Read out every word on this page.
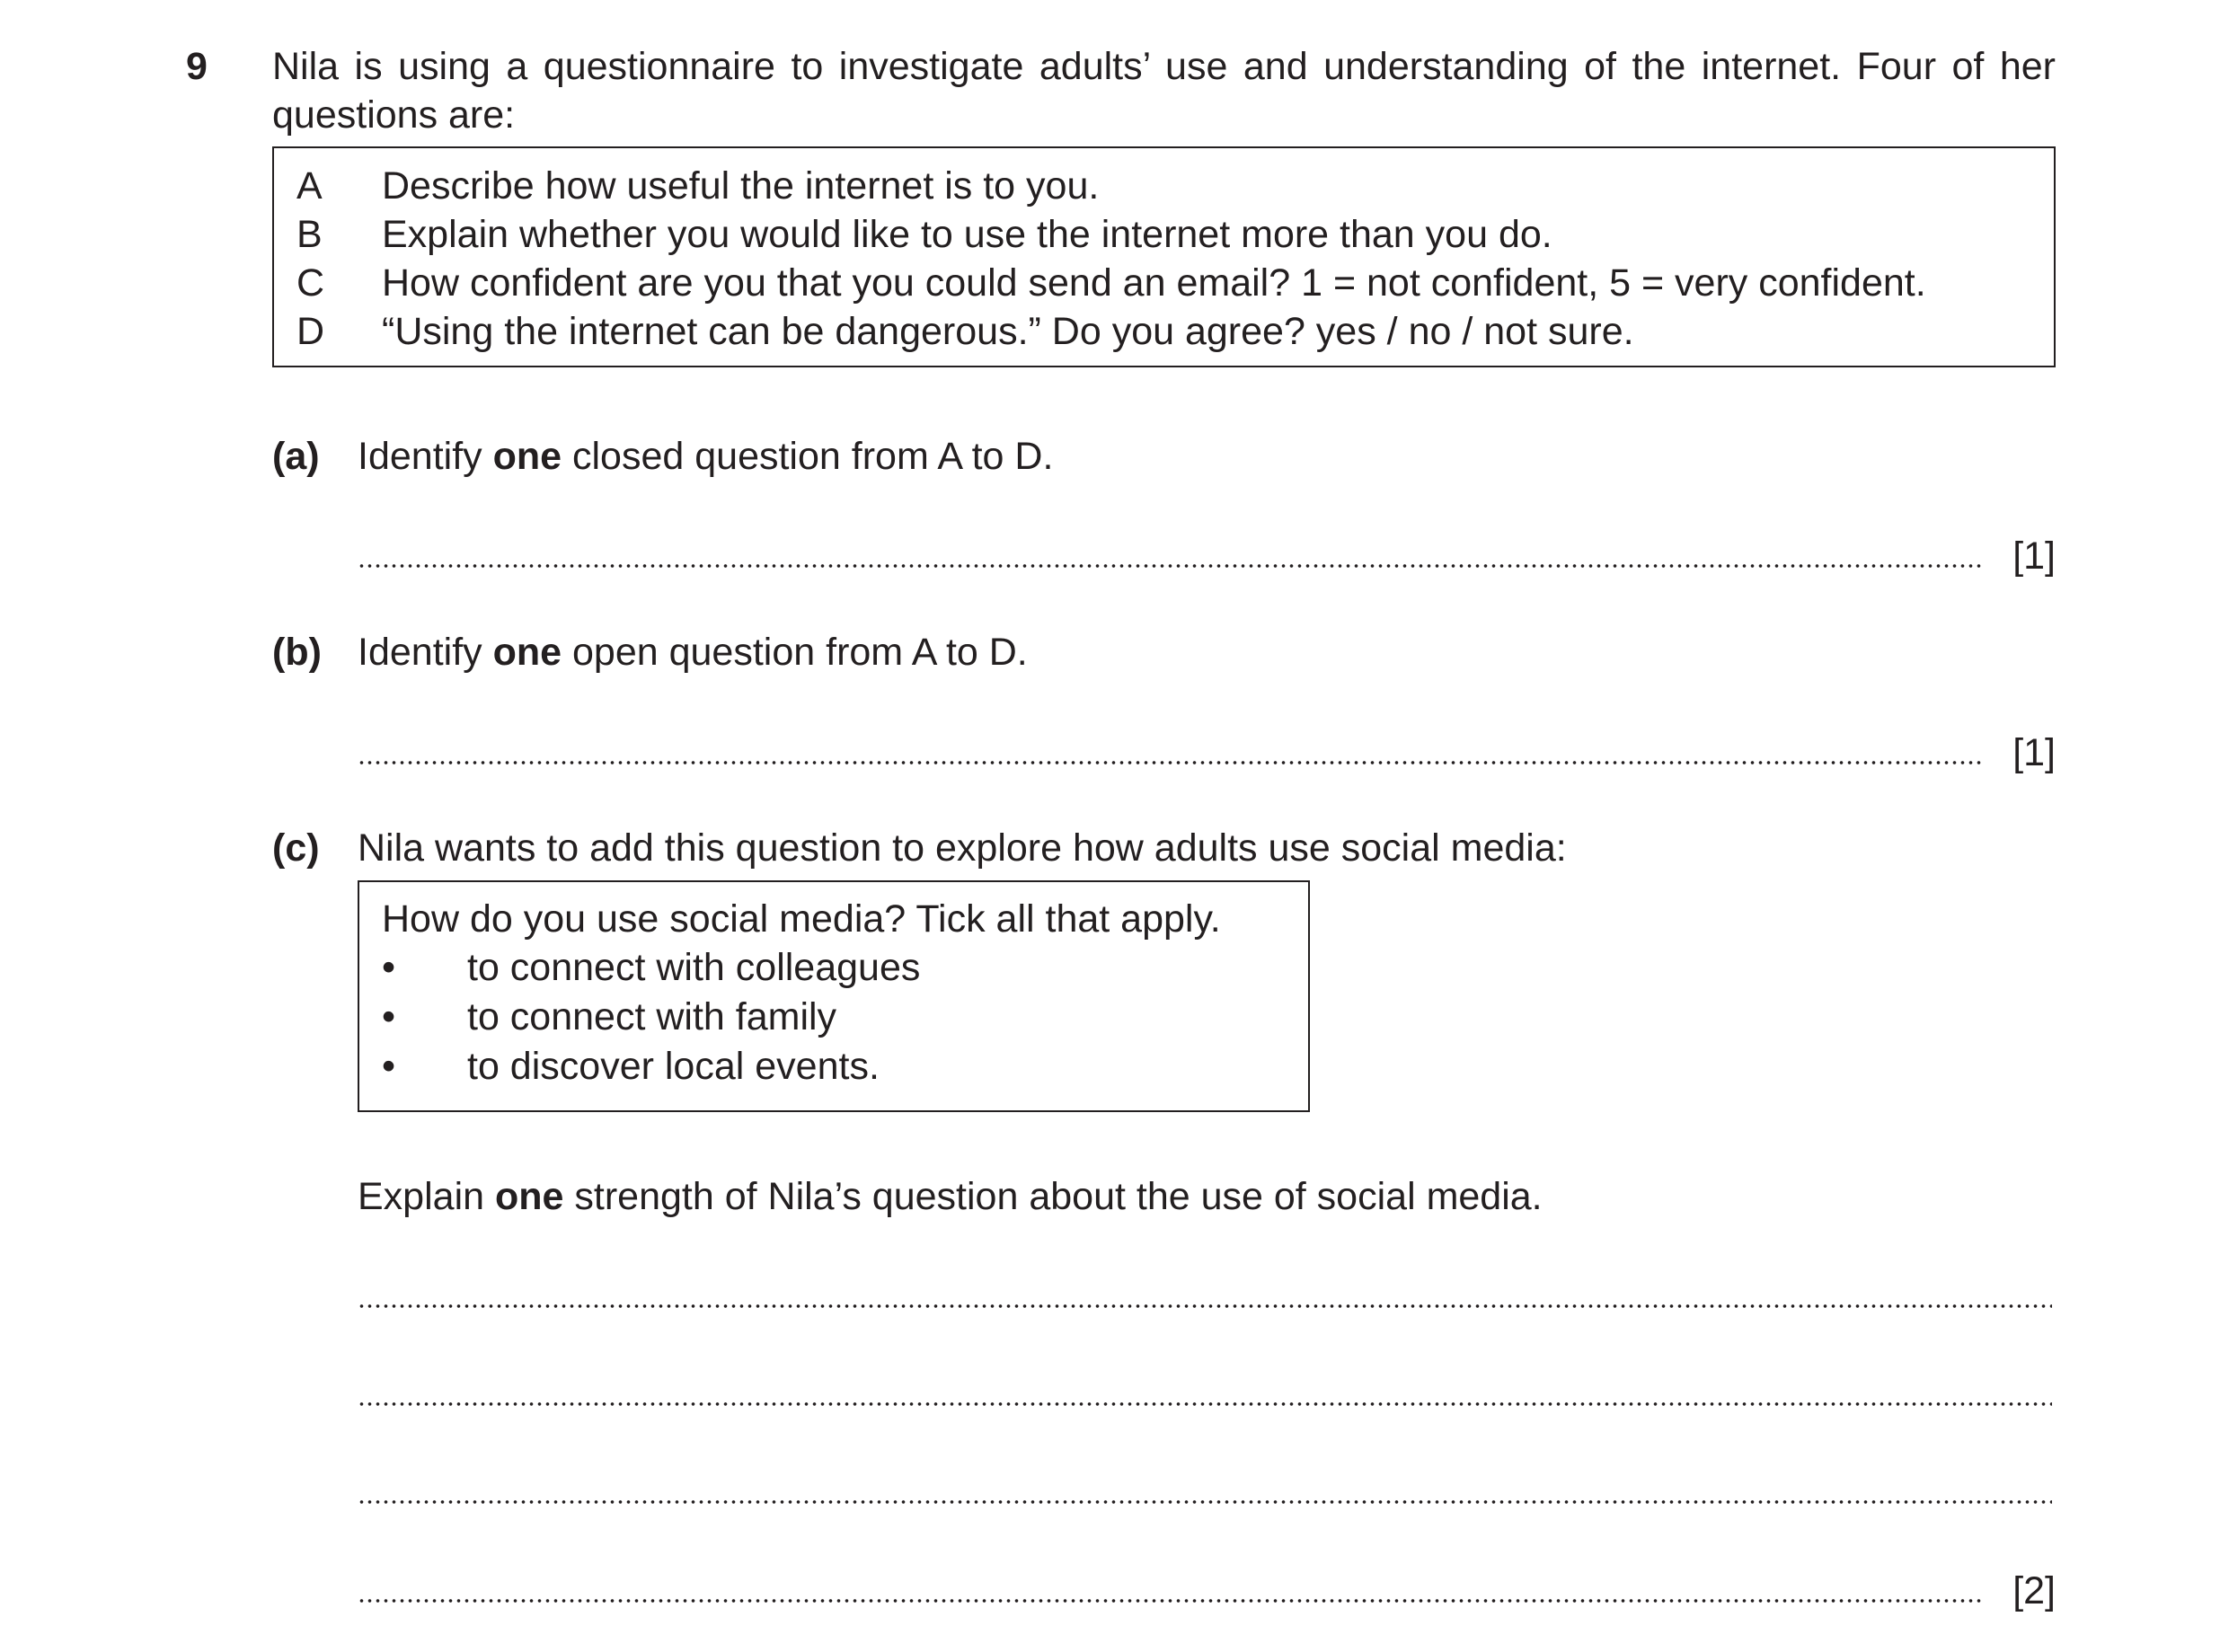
9 Nila is using a questionnaire to investigate adults’ use and understanding of the internet. Four of her questions are:
A Describe how useful the internet is to you.
B Explain whether you would like to use the internet more than you do.
C How confident are you that you could send an email? 1 = not confident, 5 = very confident.
D “Using the internet can be dangerous.” Do you agree? yes / no / not sure.
(a) Identify one closed question from A to D.
[1]
(b) Identify one open question from A to D.
[1]
(c) Nila wants to add this question to explore how adults use social media:
How do you use social media? Tick all that apply.
• to connect with colleagues
• to connect with family
• to discover local events.
Explain one strength of Nila’s question about the use of social media.
[2]
